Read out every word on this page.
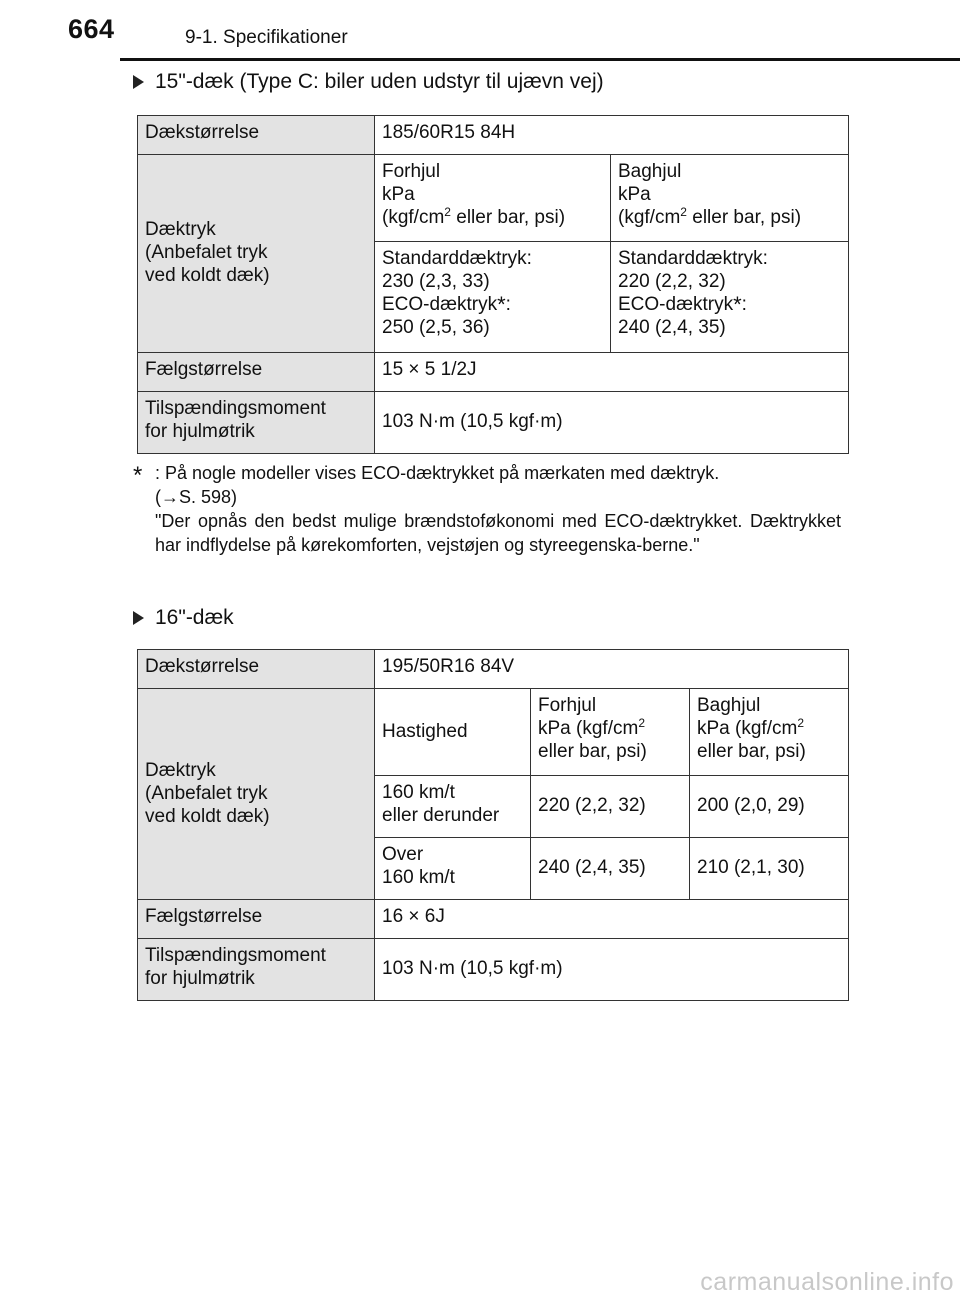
664	9-1. Specifikationer
15"-dæk (Type C: biler uden udstyr til ujævn vej)
Dækstørrelse	185/60R15 84H	
Dæktryk
(Anbefalet tryk
ved koldt dæk)	Forhjul
kPa
($kgf/cm^2$ eller bar, psi)	Baghjul
kPa
($kgf/cm^2$ eller bar, psi)
	Standarddæktryk:
230 (2,3, 33)
ECO-dæktryk*:
250 (2,5, 36)	Standarddæktryk:
220 (2,2, 32)
ECO-dæktryk*:
240 (2,4, 35)
Fælgstørrelse	15 × 5 1/2J	
Tilspændingsmoment
for hjulmøtrik	103 N·m (10,5 kgf·m)	
* : På nogle modeller vises ECO-dæktrykket på mærkaten med dæktryk.

(→S. 598)

"Der opnås den bedst mulige brændstoføkonomi med ECO-dæktrykket. Dæktrykket har indflydelse på kørekomforten, vejstøjen og styreegenska-berne."

16"-dæk
Dækstørrelse	195/50R16 84V		
Dæktryk
(Anbefalet tryk
ved koldt dæk)	Hastighed	Forhjul
kPa ($kgf/cm^2$
eller bar, psi)	Baghjul
kPa ($kgf/cm^2$
eller bar, psi)
	160 km/t
eller derunder	220 (2,2, 32)	200 (2,0, 29)
	Over
160 km/t	240 (2,4, 35)	210 (2,1, 30)
Fælgstørrelse	16 × 6J		
Tilspændingsmoment
for hjulmøtrik	103 N·m (10,5 kgf·m)		
carmanualsonline.info
